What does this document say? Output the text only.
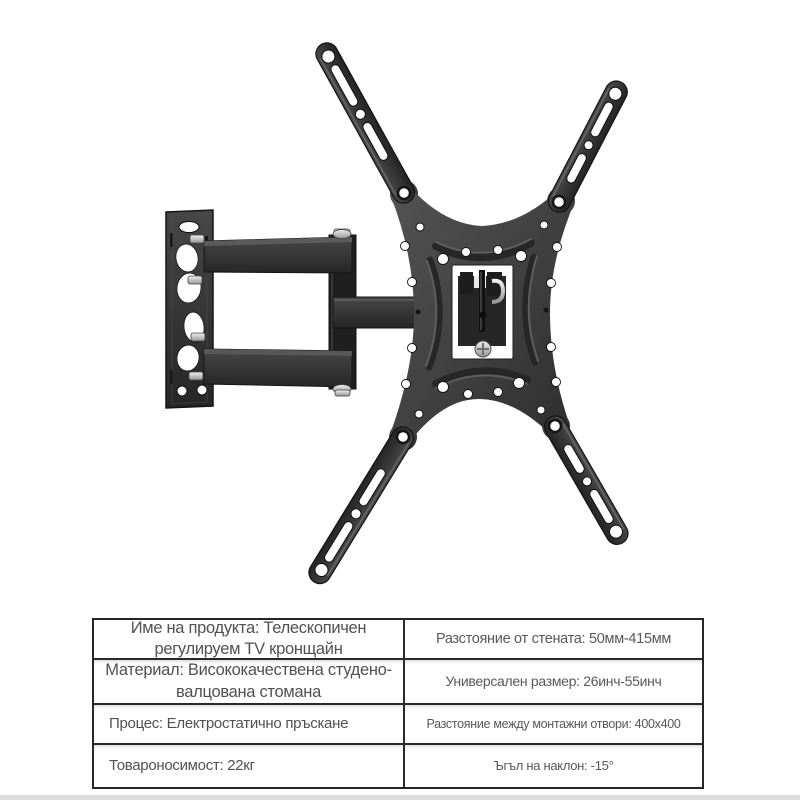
Име на продукта: Телескопичен регулируем TV кронщайн
Разстояние от стената: 50мм-415мм
Материал: Висококачествена студено-валцована стомана
Универсален размер: 26инч-55инч
Процес: Електростатично пръскане	Разстояние между монтажни отвори: 400x400
Товароносимост: 22кг	Ъгъл на наклон: -15°
